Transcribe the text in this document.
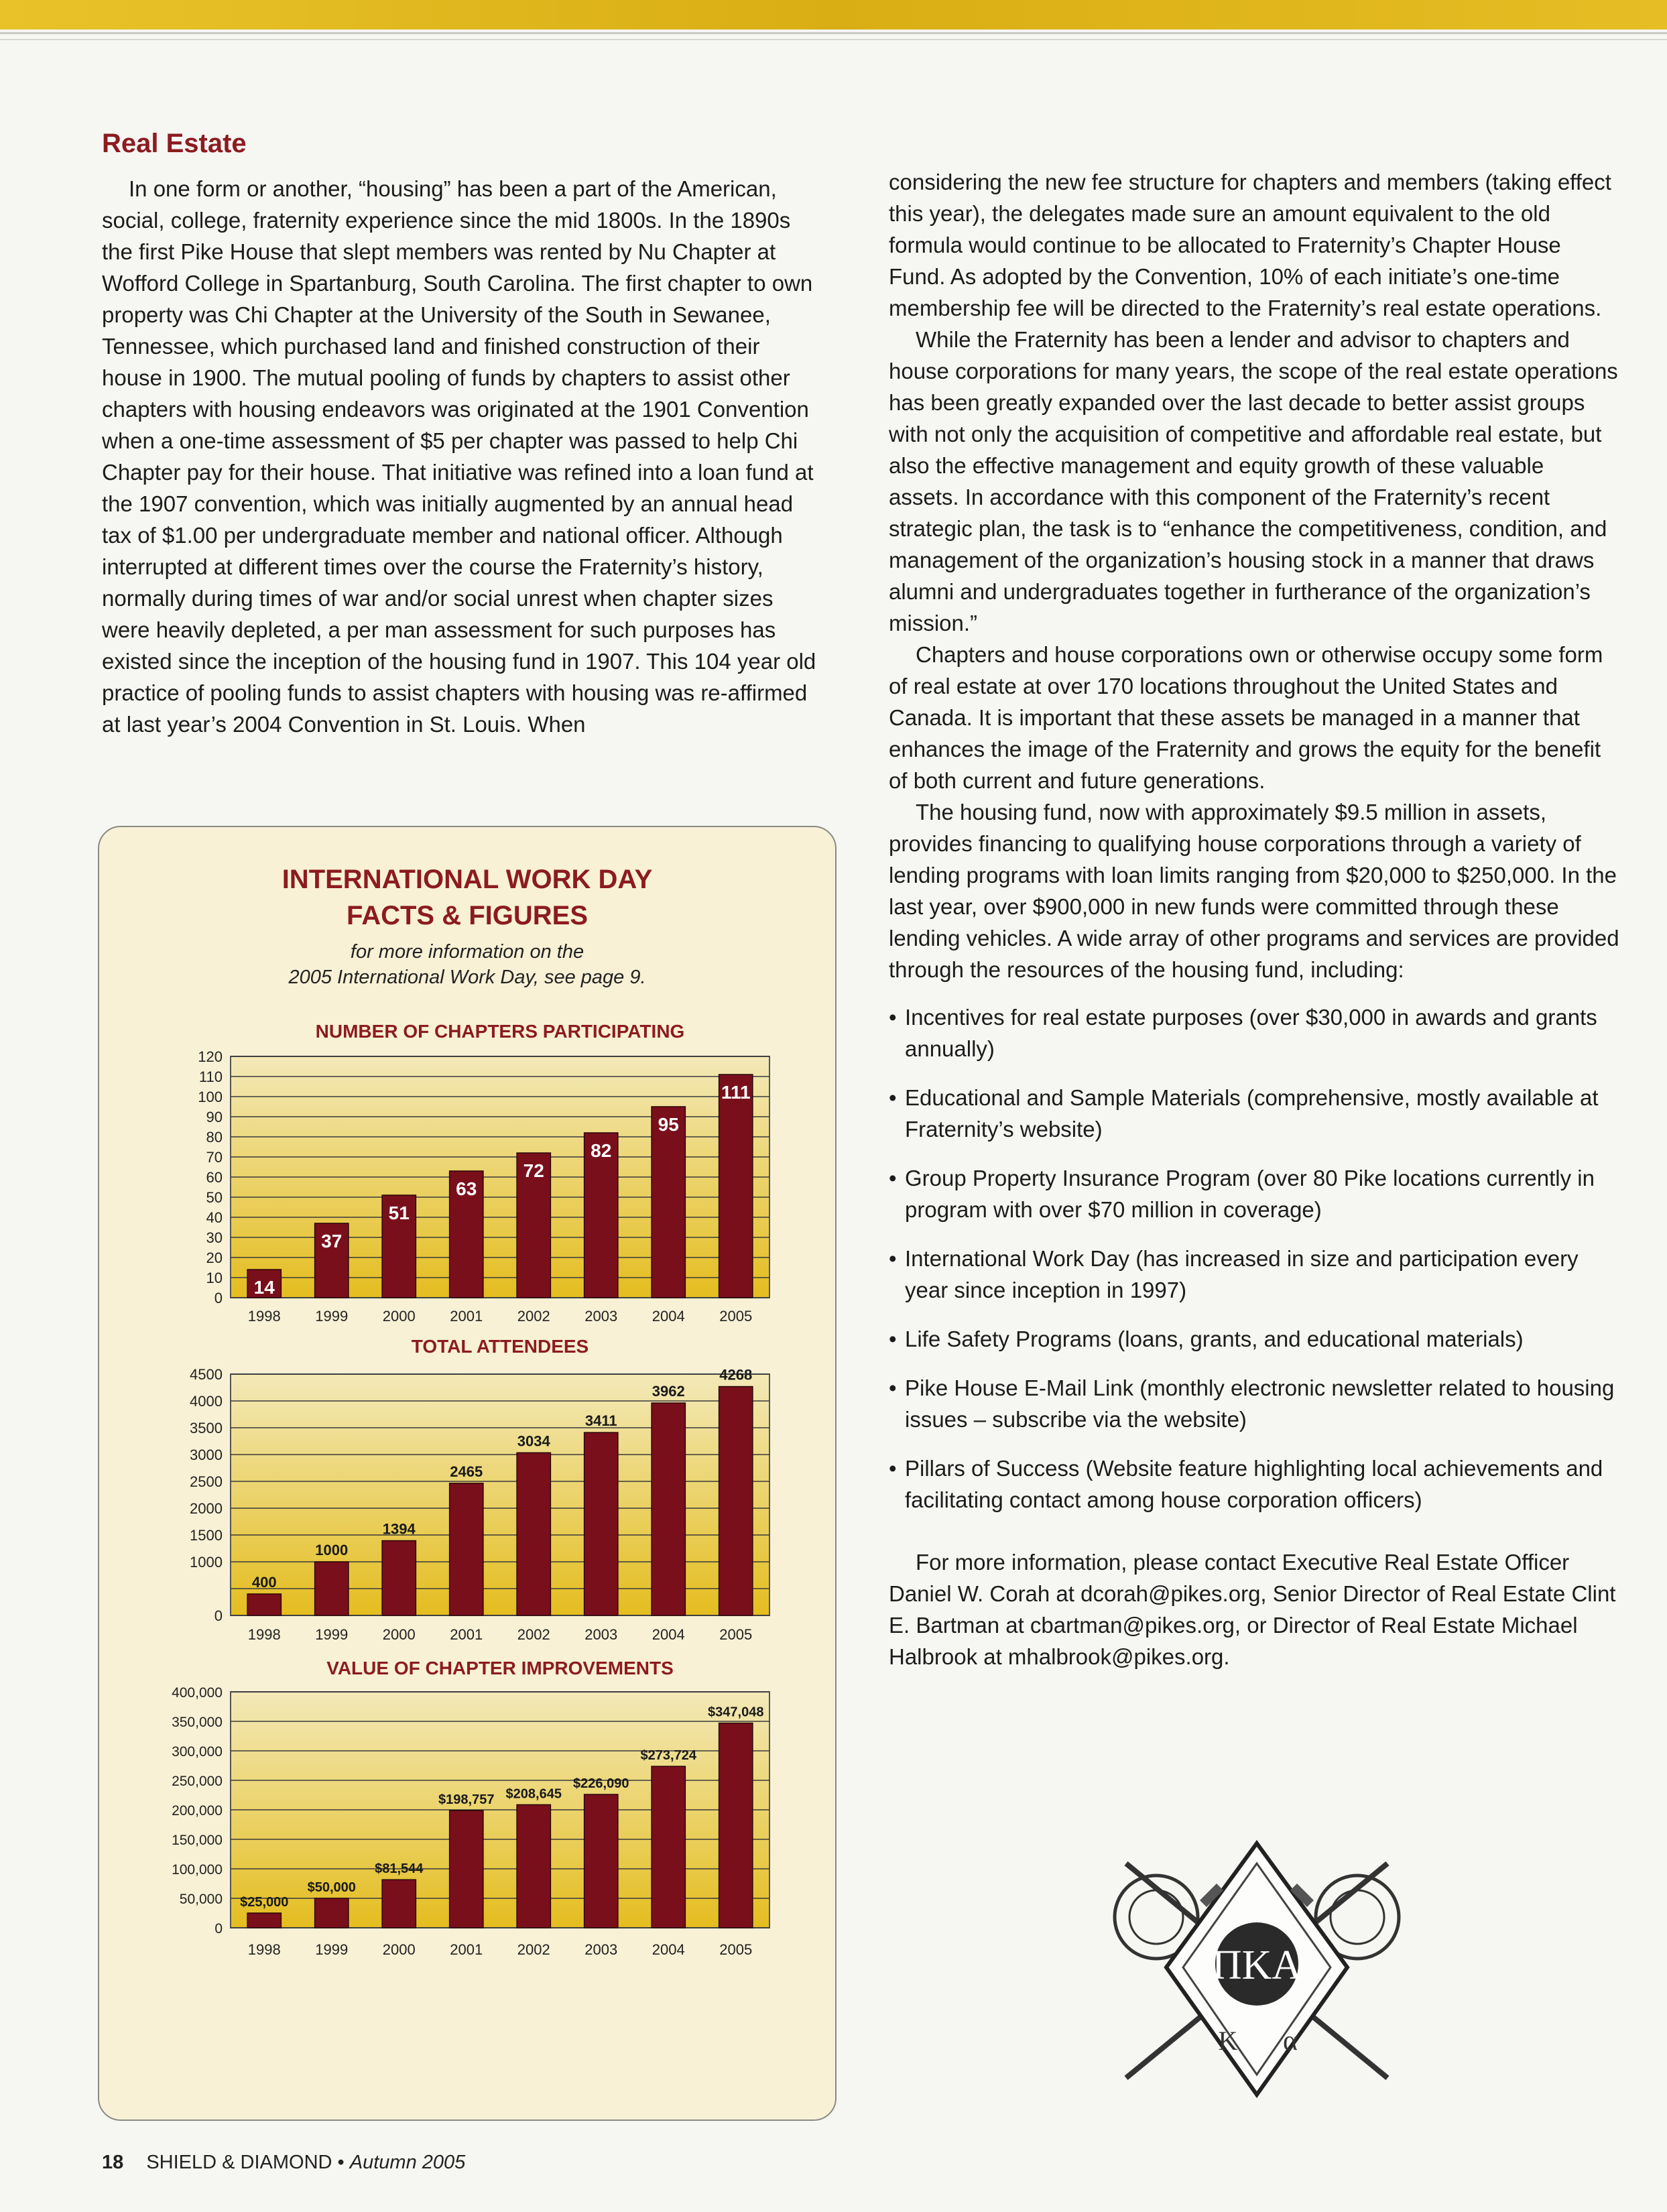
Real Estate

In one form or another, “housing” has been a part of the American, social, college, fraternity experience since the mid 1800s. In the 1890s the first Pike House that slept members was rented by Nu Chapter at Wofford College in Spartanburg, South Carolina. The first chapter to own property was Chi Chapter at the University of the South in Sewanee, Tennessee, which purchased land and finished construction of their house in 1900. The mutual pooling of funds by chapters to assist other chapters with housing endeavors was originated at the 1901 Convention when a one-time assessment of $5 per chapter was passed to help Chi Chapter pay for their house. That initiative was refined into a loan fund at the 1907 convention, which was initially augmented by an annual head tax of $1.00 per undergraduate member and national officer. Although interrupted at different times over the course the Fraternity’s history, normally during times of war and/or social unrest when chapter sizes were heavily depleted, a per man assessment for such purposes has existed since the inception of the housing fund in 1907. This 104 year old practice of pooling funds to assist chapters with housing was re-affirmed at last year’s 2004 Convention in St. Louis. When

INTERNATIONAL WORK DAY
FACTS & FIGURES

for more information on the

2005 International Work Day, see page 9.

NUMBER OF CHAPTERS PARTICIPATING
0
10
20
30
40
50
60
70
80
90
100
110
120
14
1998
37
1999
51
2000
63
2001
72
2002
82
2003
95
2004
111
2005
TOTAL ATTENDEES
0
1000
1500
2000
2500
3000
3500
4000
4500
400
1998
1000
1999
1394
2000
2465
2001
3034
2002
3411
2003
3962
2004
4268
2005
VALUE OF CHAPTER IMPROVEMENTS
0
50,000
100,000
150,000
200,000
250,000
300,000
350,000
400,000
$25,000
1998
$50,000
1999
$81,544
2000
$198,757
2001
$208,645
2002
$226,090
2003
$273,724
2004
$347,048
2005

considering the new fee structure for chapters and members (taking effect this year), the delegates made sure an amount equivalent to the old formula would continue to be allocated to Fraternity’s Chapter House Fund. As adopted by the Convention, 10% of each initiate’s one-time membership fee will be directed to the Fraternity’s real estate operations.

While the Fraternity has been a lender and advisor to chapters and house corporations for many years, the scope of the real estate operations has been greatly expanded over the last decade to better assist groups with not only the acquisition of competitive and affordable real estate, but also the effective management and equity growth of these valuable assets. In accordance with this component of the Fraternity’s recent strategic plan, the task is to “enhance the competitiveness, condition, and management of the organization’s housing stock in a manner that draws alumni and undergraduates together in furtherance of the organization’s mission.”

Chapters and house corporations own or otherwise occupy some form of real estate at over 170 locations throughout the United States and Canada. It is important that these assets be managed in a manner that enhances the image of the Fraternity and grows the equity for the benefit of both current and future generations.

The housing fund, now with approximately $9.5 million in assets, provides financing to qualifying house corporations through a variety of lending programs with loan limits ranging from $20,000 to $250,000. In the last year, over $900,000 in new funds were committed through these lending vehicles. A wide array of other programs and services are provided through the resources of the housing fund, including:

• Incentives for real estate purposes (over $30,000 in awards and grants annually)
• Educational and Sample Materials (comprehensive, mostly available at Fraternity’s website)
• Group Property Insurance Program (over 80 Pike locations currently in program with over $70 million in coverage)
• International Work Day (has increased in size and participation every year since inception in 1997)
• Life Safety Programs (loans, grants, and educational materials)
• Pike House E-Mail Link (monthly electronic newsletter related to housing issues – subscribe via the website)
• Pillars of Success (Website feature highlighting local achievements and facilitating contact among house corporation officers)

For more information, please contact Executive Real Estate Officer Daniel W. Corah at dcorah@pikes.org, Senior Director of Real Estate Clint E. Bartman at cbartman@pikes.org, or Director of Real Estate Michael Halbrook at mhalbrook@pikes.org.

ΠKA
K α
18 SHIELD & DIAMOND • Autumn 2005
